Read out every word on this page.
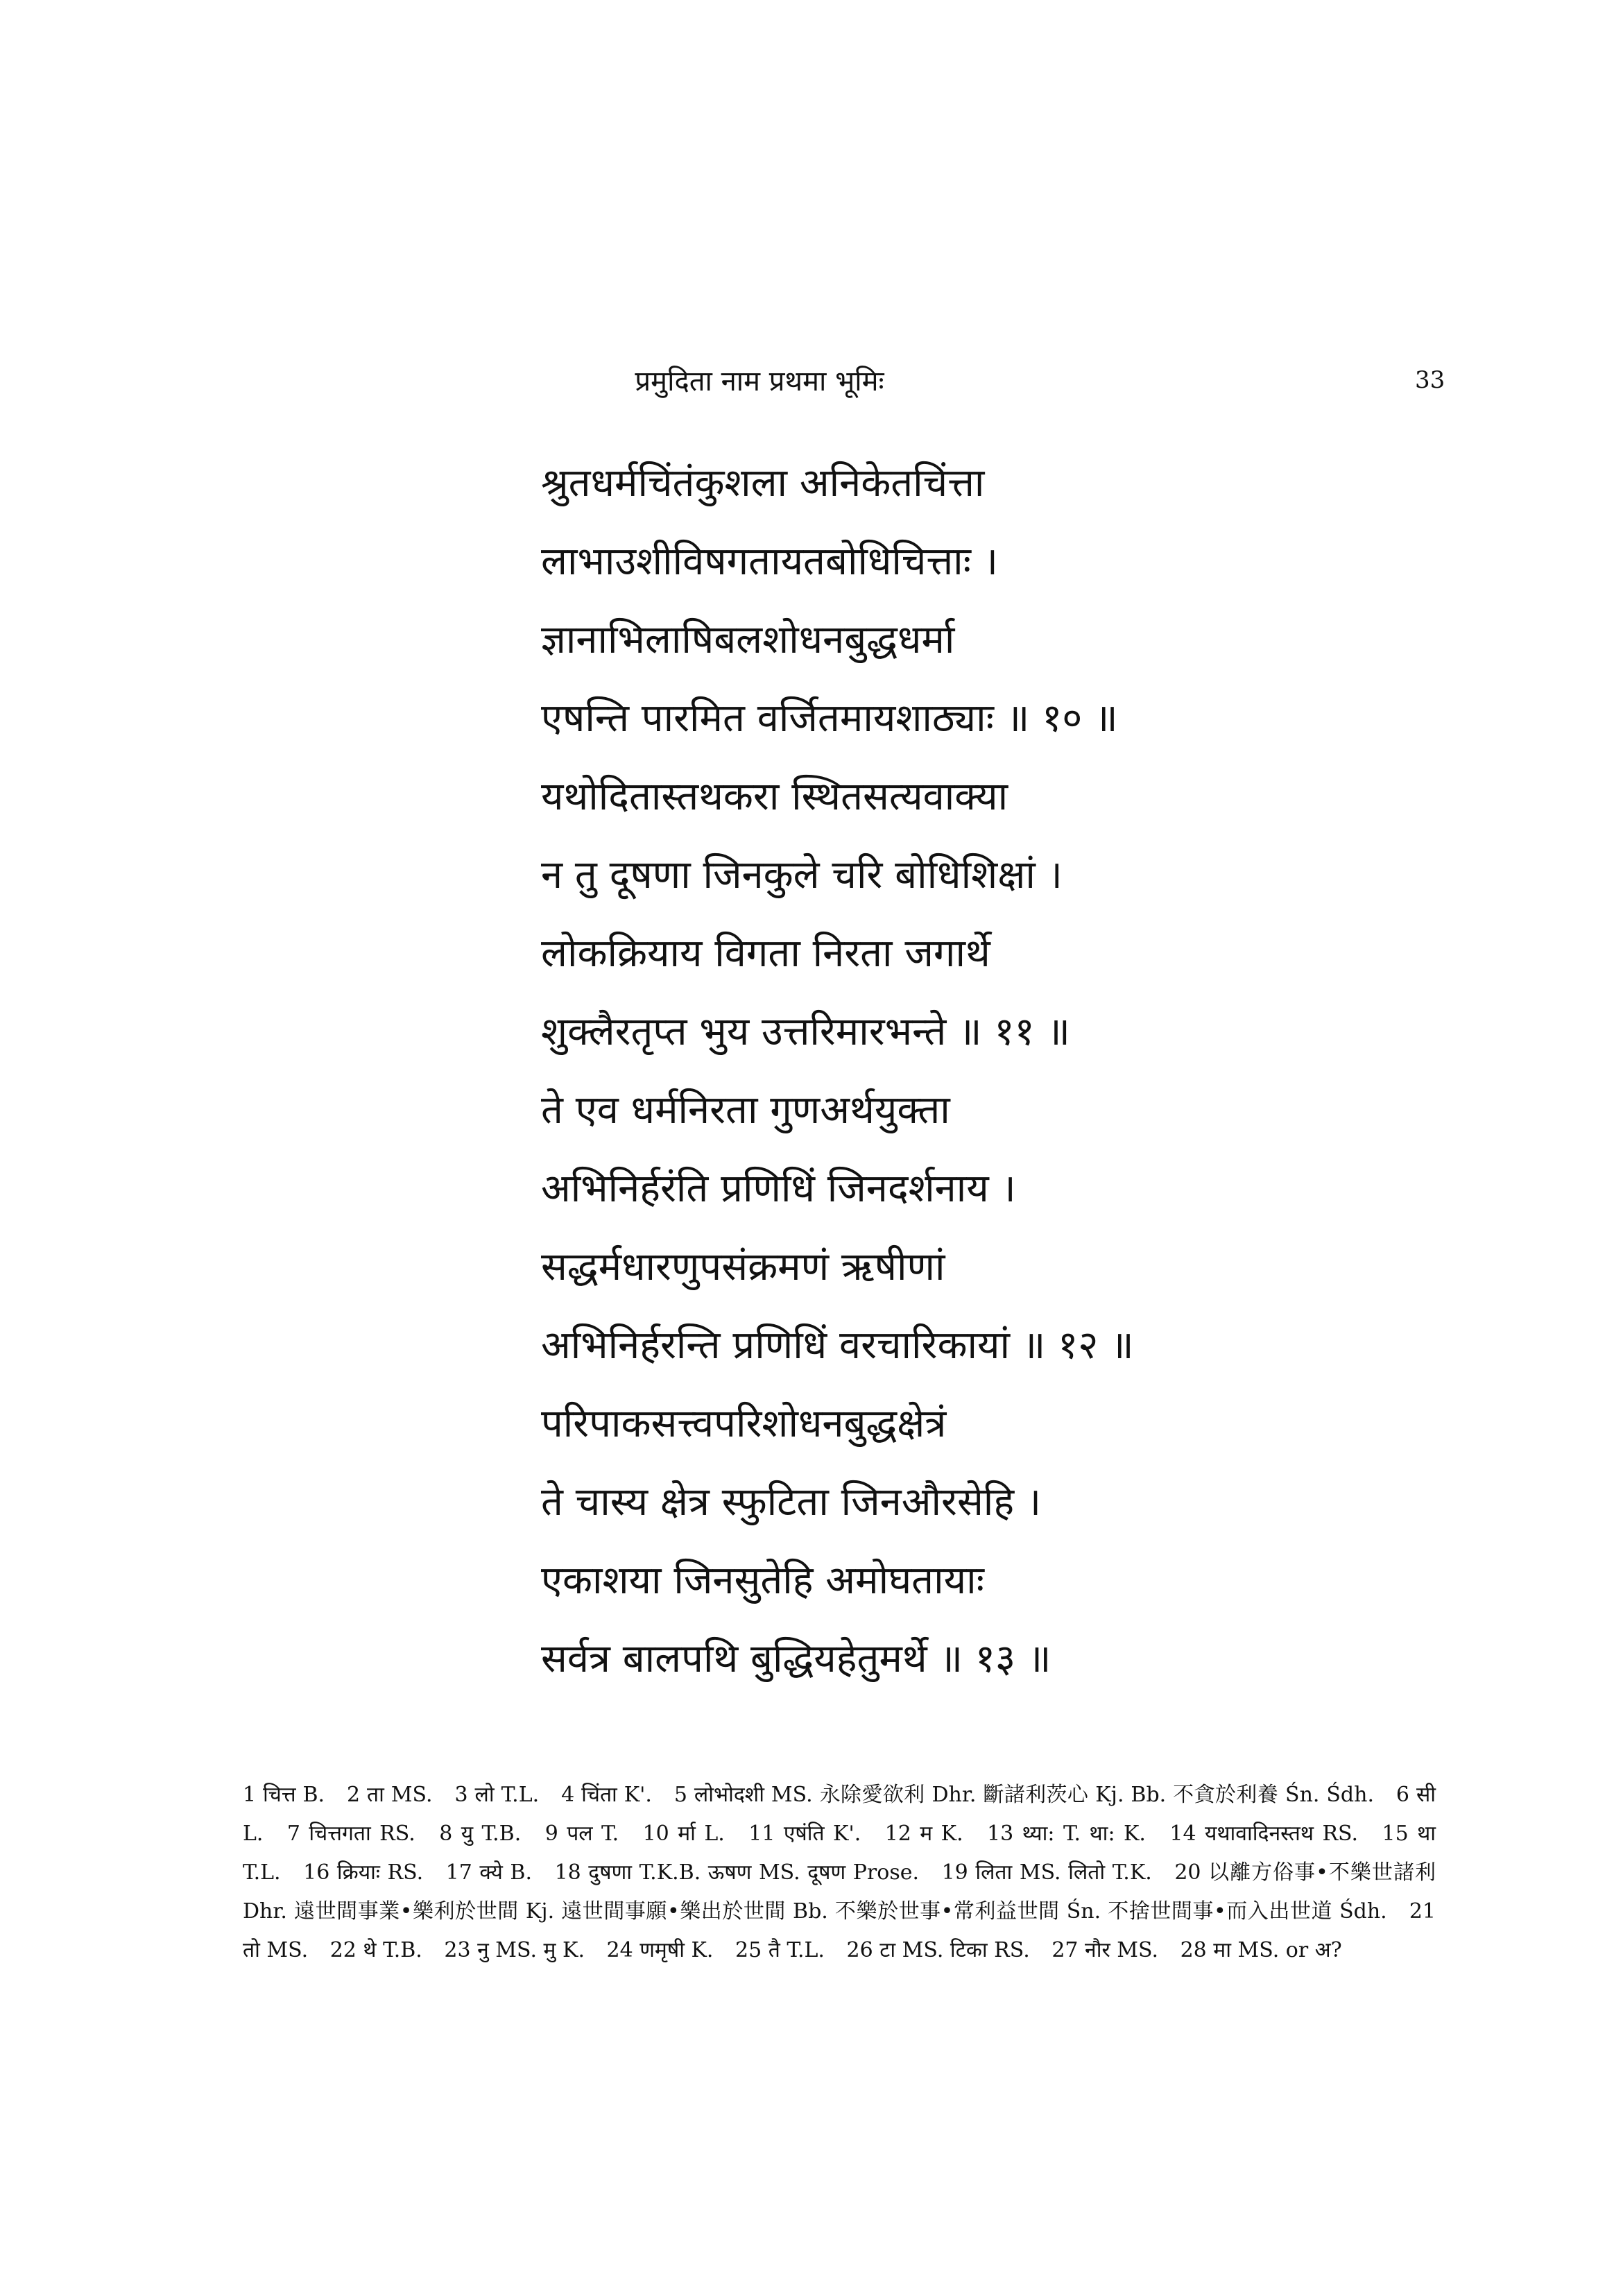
प्रमुदिता नाम प्रथमा भूमिः	33
श्रुतधर्मचिंतंकुशला अनिकेतचिंत्ता
लाभाउशीविषगतायतबोधिचित्ताः ।
ज्ञानाभिलाषिबलशोधनबुद्धधर्मा
एषन्ति पारमित वर्जितमायशाठ्याः ॥ १० ॥
यथोदितास्तथकरा स्थितसत्यवाक्या
न तु दूषणा जिनकुले चरि बोधिशिक्षां ।
लोकक्रियाय विगता निरता जगार्थे
शुक्लैरतृप्त भुय उत्तरिमारभन्ते ॥ ११ ॥
ते एव धर्मनिरता गुणअर्थयुक्ता
अभिनिर्हरंति प्रणिधिं जिनदर्शनाय ।
सद्धर्मधारणुपसंक्रमणं ऋषीणां
अभिनिर्हरन्ति प्रणिधिं वरचारिकायां ॥ १२ ॥
परिपाकसत्त्वपरिशोधनबुद्धक्षेत्रं
ते चास्य क्षेत्र स्फुटिता जिनऔरसेहि ।
एकाशया जिनसुतेहि अमोघतायाः
सर्वत्र बालपथि बुद्धियहेतुमर्थे ॥ १३ ॥
1 चित्त B. 2 ता MS. 3 लो T.L. 4 चिंता K'. 5 लोभोदशी MS. 永除愛欲利 Dhr. 斷諸利茨心 Kj. Bb. 不貪於利養 Śn. Śdh. 6 सी L. 7 चित्तगता RS. 8 यु T.B. 9 पल T. 10 र्मा L. 11 एषंति K'. 12 म K. 13 थ्या: T. था: K. 14 यथावादिनस्तथ RS. 15 था T.L. 16 क्रियाः RS. 17 क्ये B. 18 दुषणा T.K.B. ऊषण MS. दूषण Prose. 19 लिता MS. लितो T.K. 20 以離方俗事•不樂世諸利 Dhr. 遠世間事業•樂利於世間 Kj. 遠世間事願•樂出於世間 Bb. 不樂於世事•常利益世間 Śn. 不捨世間事•而入出世道 Śdh. 21 तो MS. 22 थे T.B. 23 नु MS. मु K. 24 णमृषी K. 25 तै T.L. 26 टा MS. टिका RS. 27 नौर MS. 28 मा MS. or अ?
